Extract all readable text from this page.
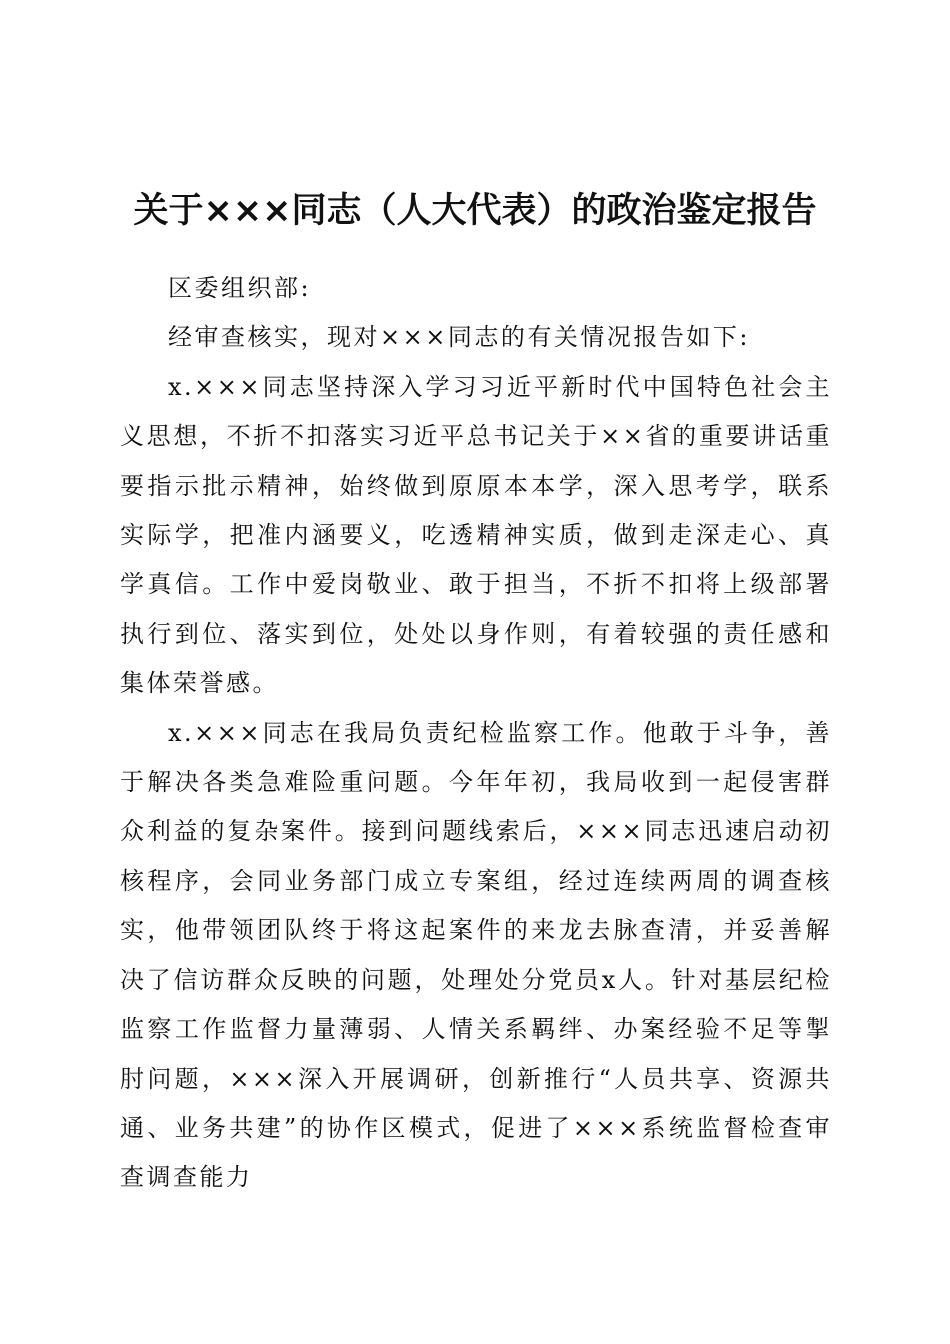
关于×××同志（人大代表）的政治鉴定报告

区委组织部:

经审查核实，现对×××同志的有关情况报告如下:

x.×××同志坚持深入学习习近平新时代中国特色社会主义思想，不折不扣落实习近平总书记关于××省的重要讲话重要指示批示精神，始终做到原原本本学，深入思考学，联系实际学，把准内涵要义，吃透精神实质，做到走深走心、真学真信。工作中爱岗敬业、敢于担当，不折不扣将上级部署执行到位、落实到位，处处以身作则，有着较强的责任感和集体荣誉感。

x.×××同志在我局负责纪检监察工作。他敢于斗争，善于解决各类急难险重问题。今年年初，我局收到一起侵害群众利益的复杂案件。接到问题线索后，×××同志迅速启动初核程序，会同业务部门成立专案组，经过连续两周的调查核实，他带领团队终于将这起案件的来龙去脉查清，并妥善解决了信访群众反映的问题，处理处分党员x人。针对基层纪检监察工作监督力量薄弱、人情关系羁绊、办案经验不足等掣肘问题，×××深入开展调研，创新推行“人员共享、资源共通、业务共建”的协作区模式，促进了×××系统监督检查审查调查能力
